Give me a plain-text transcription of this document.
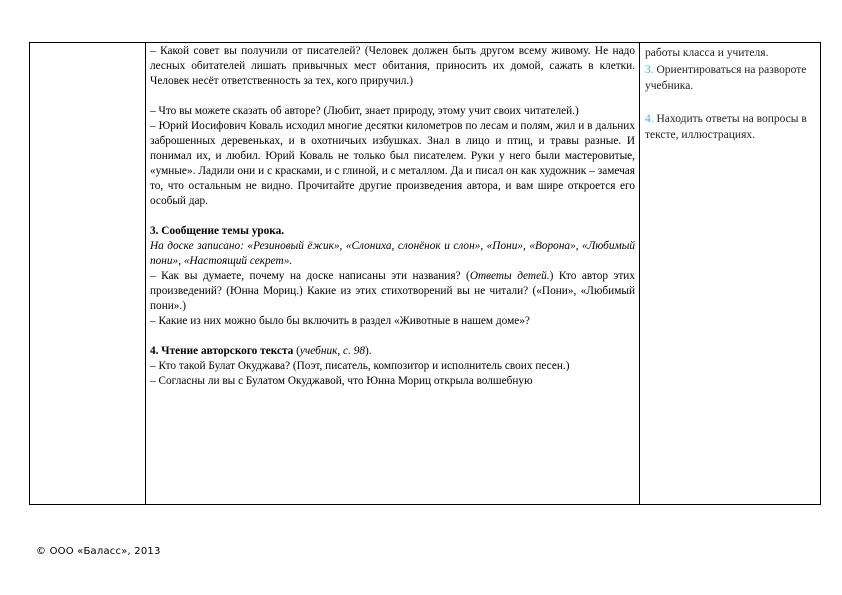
– Какой совет вы получили от писателей? (Человек должен быть другом всему живому. Не надо лесных обитателей лишать привычных мест обитания, приносить их домой, сажать в клетки. Человек несёт ответственность за тех, кого приручил.)

– Что вы можете сказать об авторе? (Любит, знает природу, этому учит своих читателей.)

– Юрий Иосифович Коваль исходил многие десятки километров по лесам и полям, жил и в дальних заброшенных деревеньках, и в охотничьих избушках. Знал в лицо и птиц, и травы разные. И понимал их, и любил. Юрий Коваль не только был писателем. Руки у него были мастеровитые, «умные». Ладили они и с красками, и с глиной, и с металлом. Да и писал он как художник – замечая то, что остальным не видно. Прочитайте другие произведения автора, и вам шире откроется его особый дар.

3. Сообщение темы урока.

На доске записано: «Резиновый ёжик», «Слониха, слонёнок и слон», «Пони», «Ворона», «Любимый пони», «Настоящий секрет».

– Как вы думаете, почему на доске написаны эти названия? (Ответы детей.) Кто автор этих произведений? (Юнна Мориц.) Какие из этих стихотворений вы не читали? («Пони», «Любимый пони».)

– Какие из них можно было бы включить в раздел «Животные в нашем доме»?

4. Чтение авторского текста (учебник, с. 98).

– Кто такой Булат Окуджава? (Поэт, писатель, композитор и исполнитель своих песен.)

– Согласны ли вы с Булатом Окуджавой, что Юнна Мориц открыла волшебную

работы класса и учителя.
3. Ориентироваться на развороте учебника.
4. Находить ответы на вопросы в тексте, иллюстрациях.
© ООО «Баласс», 2013
